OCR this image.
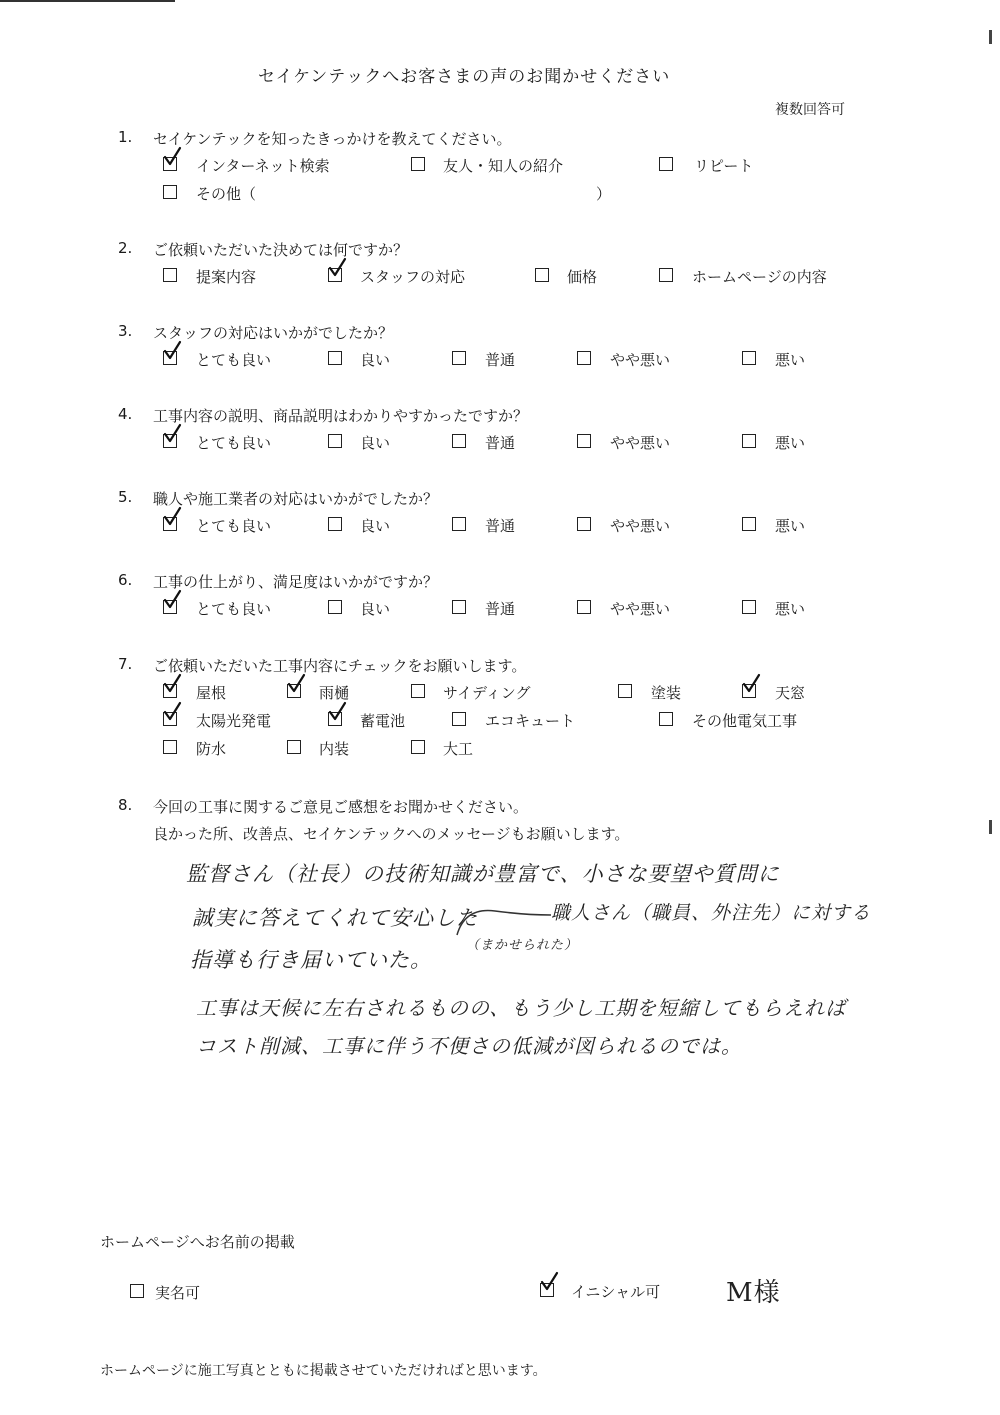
セイケンテックへお客さまの声のお聞かせください
複数回答可
1. セイケンテックを知ったきっかけを教えてください。
インターネット検索	友人・知人の紹介	リピート
その他（	）
2. ご依頼いただいた決めては何ですか？
提案内容	スタッフの対応	価格	ホームページの内容
3. スタッフの対応はいかがでしたか？
とても良い	良い	普通	やや悪い	悪い
4. 工事内容の説明、商品説明はわかりやすかったですか？
とても良い	良い	普通	やや悪い	悪い
5. 職人や施工業者の対応はいかがでしたか？
とても良い	良い	普通	やや悪い	悪い
6. 工事の仕上がり、満足度はいかがですか？
とても良い	良い	普通	やや悪い	悪い
7. ご依頼いただいた工事内容にチェックをお願いします。
屋根	雨樋	サイディング	塗装	天窓
太陽光発電	蓄電池	エコキュート	その他電気工事
防水	内装	大工
8. 今回の工事に関するご意見ご感想をお聞かせください。
良かった所、改善点、セイケンテックへのメッセージもお願いします。
監督さん（社長）の技術知識が豊富で、小さな要望や質問に
誠実に答えてくれて安心した	職人さん（職員、外注先）に対する
（まかせられた）
指導も行き届いていた。
工事は天候に左右されるものの、もう少し工期を短縮してもらえれば
コスト削減、工事に伴う不便さの低減が図られるのでは。
ホームページへお名前の掲載
実名可	イニシャル可	M様
ホームページに施工写真とともに掲載させていただければと思います。
